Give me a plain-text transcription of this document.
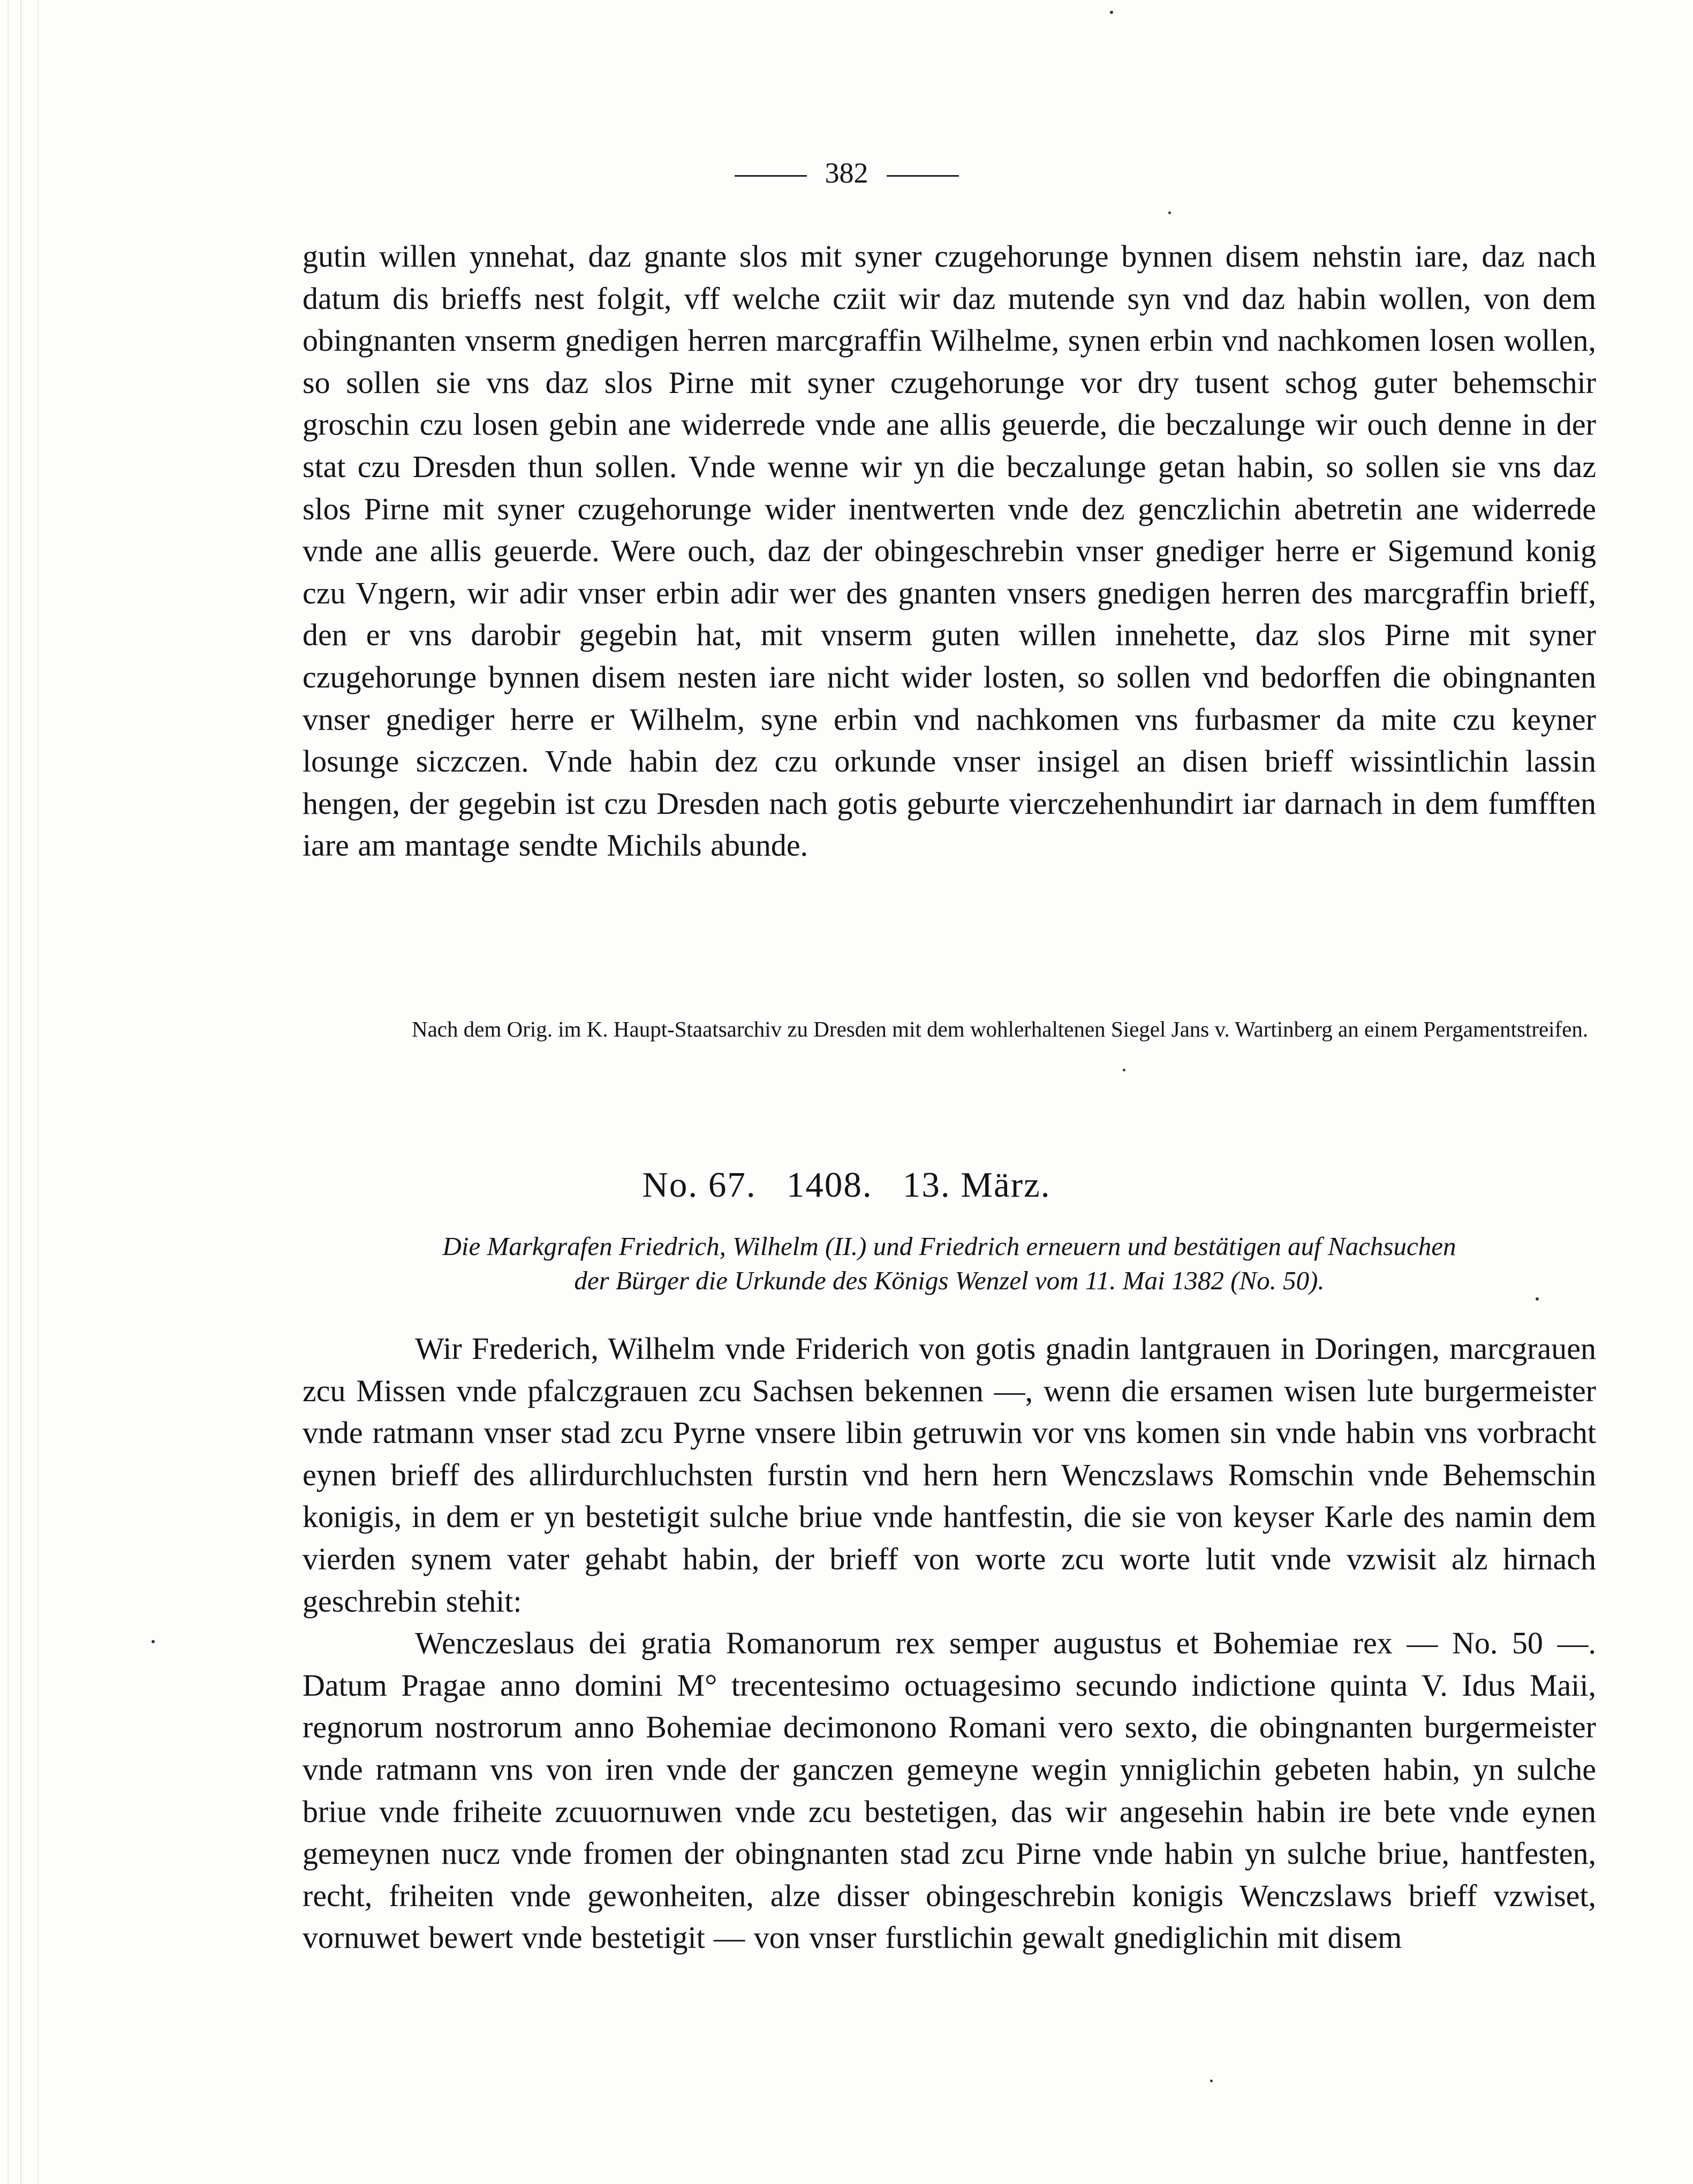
382

gutin willen ynnehat, daz gnante slos mit syner czugehorunge bynnen disem nehstin iare, daz nach datum dis brieffs nest folgit, vff welche cziit wir daz mutende syn vnd daz habin wollen, von dem obingnanten vnserm gnedigen herren marcgraffin Wilhelme, synen erbin vnd nachkomen losen wollen, so sollen sie vns daz slos Pirne mit syner czugehorunge vor dry tusent schog guter behemschir groschin czu losen gebin ane widerrede vnde ane allis geuerde, die beczalunge wir ouch denne in der stat czu Dresden thun sollen. Vnde wenne wir yn die beczalunge getan habin, so sollen sie vns daz slos Pirne mit syner czugehorunge wider inentwerten vnde dez genczlichin abetretin ane widerrede vnde ane allis geuerde. Were ouch, daz der obingeschrebin vnser gnediger herre er Sigemund konig czu Vngern, wir adir vnser erbin adir wer des gnanten vnsers gnedigen herren des marcgraffin brieff, den er vns darobir gegebin hat, mit vnserm guten willen innehette, daz slos Pirne mit syner czugehorunge bynnen disem nesten iare nicht wider losten, so sollen vnd bedorffen die obingnanten vnser gnediger herre er Wilhelm, syne erbin vnd nachkomen vns furbasmer da mite czu keyner losunge siczczen. Vnde habin dez czu orkunde vnser insigel an disen brieff wissintlichin lassin hengen, der gegebin ist czu Dresden nach gotis geburte vierczehenhundirt iar darnach in dem fumfften iare am mantage sendte Michils abunde.

Nach dem Orig. im K. Haupt-Staatsarchiv zu Dresden mit dem wohlerhaltenen Siegel Jans v. Wartinberg an einem Pergamentstreifen.

No. 67.   1408.   13. März.
Die Markgrafen Friedrich, Wilhelm (II.) und Friedrich erneuern und bestätigen auf Nachsuchen
der Bürger die Urkunde des Königs Wenzel vom 11. Mai 1382 (No. 50).

Wir Frederich, Wilhelm vnde Friderich von gotis gnadin lantgrauen in Doringen, marcgrauen zcu Missen vnde pfalczgrauen zcu Sachsen bekennen —, wenn die ersamen wisen lute burgermeister vnde ratmann vnser stad zcu Pyrne vnsere libin getruwin vor vns komen sin vnde habin vns vorbracht eynen brieff des allirdurchluchsten furstin vnd hern hern Wenczslaws Romschin vnde Behemschin konigis, in dem er yn bestetigit sulche briue vnde hantfestin, die sie von keyser Karle des namin dem vierden synem vater gehabt habin, der brieff von worte zcu worte lutit vnde vzwisit alz hirnach geschrebin stehit:

Wenczeslaus dei gratia Romanorum rex semper augustus et Bohemiae rex — No. 50 —. Datum Pragae anno domini M° trecentesimo octuagesimo secundo indictione quinta V. Idus Maii, regnorum nostrorum anno Bohemiae decimonono Romani vero sexto, die obingnanten burgermeister vnde ratmann vns von iren vnde der ganczen gemeyne wegin ynniglichin gebeten habin, yn sulche briue vnde friheite zcuuornuwen vnde zcu bestetigen, das wir angesehin habin ire bete vnde eynen gemeynen nucz vnde fromen der obingnanten stad zcu Pirne vnde habin yn sulche briue, hantfesten, recht, friheiten vnde gewonheiten, alze disser obingeschrebin konigis Wenczslaws brieff vzwiset, vornuwet bewert vnde bestetigit — von vnser furstlichin gewalt gnediglichin mit disem
